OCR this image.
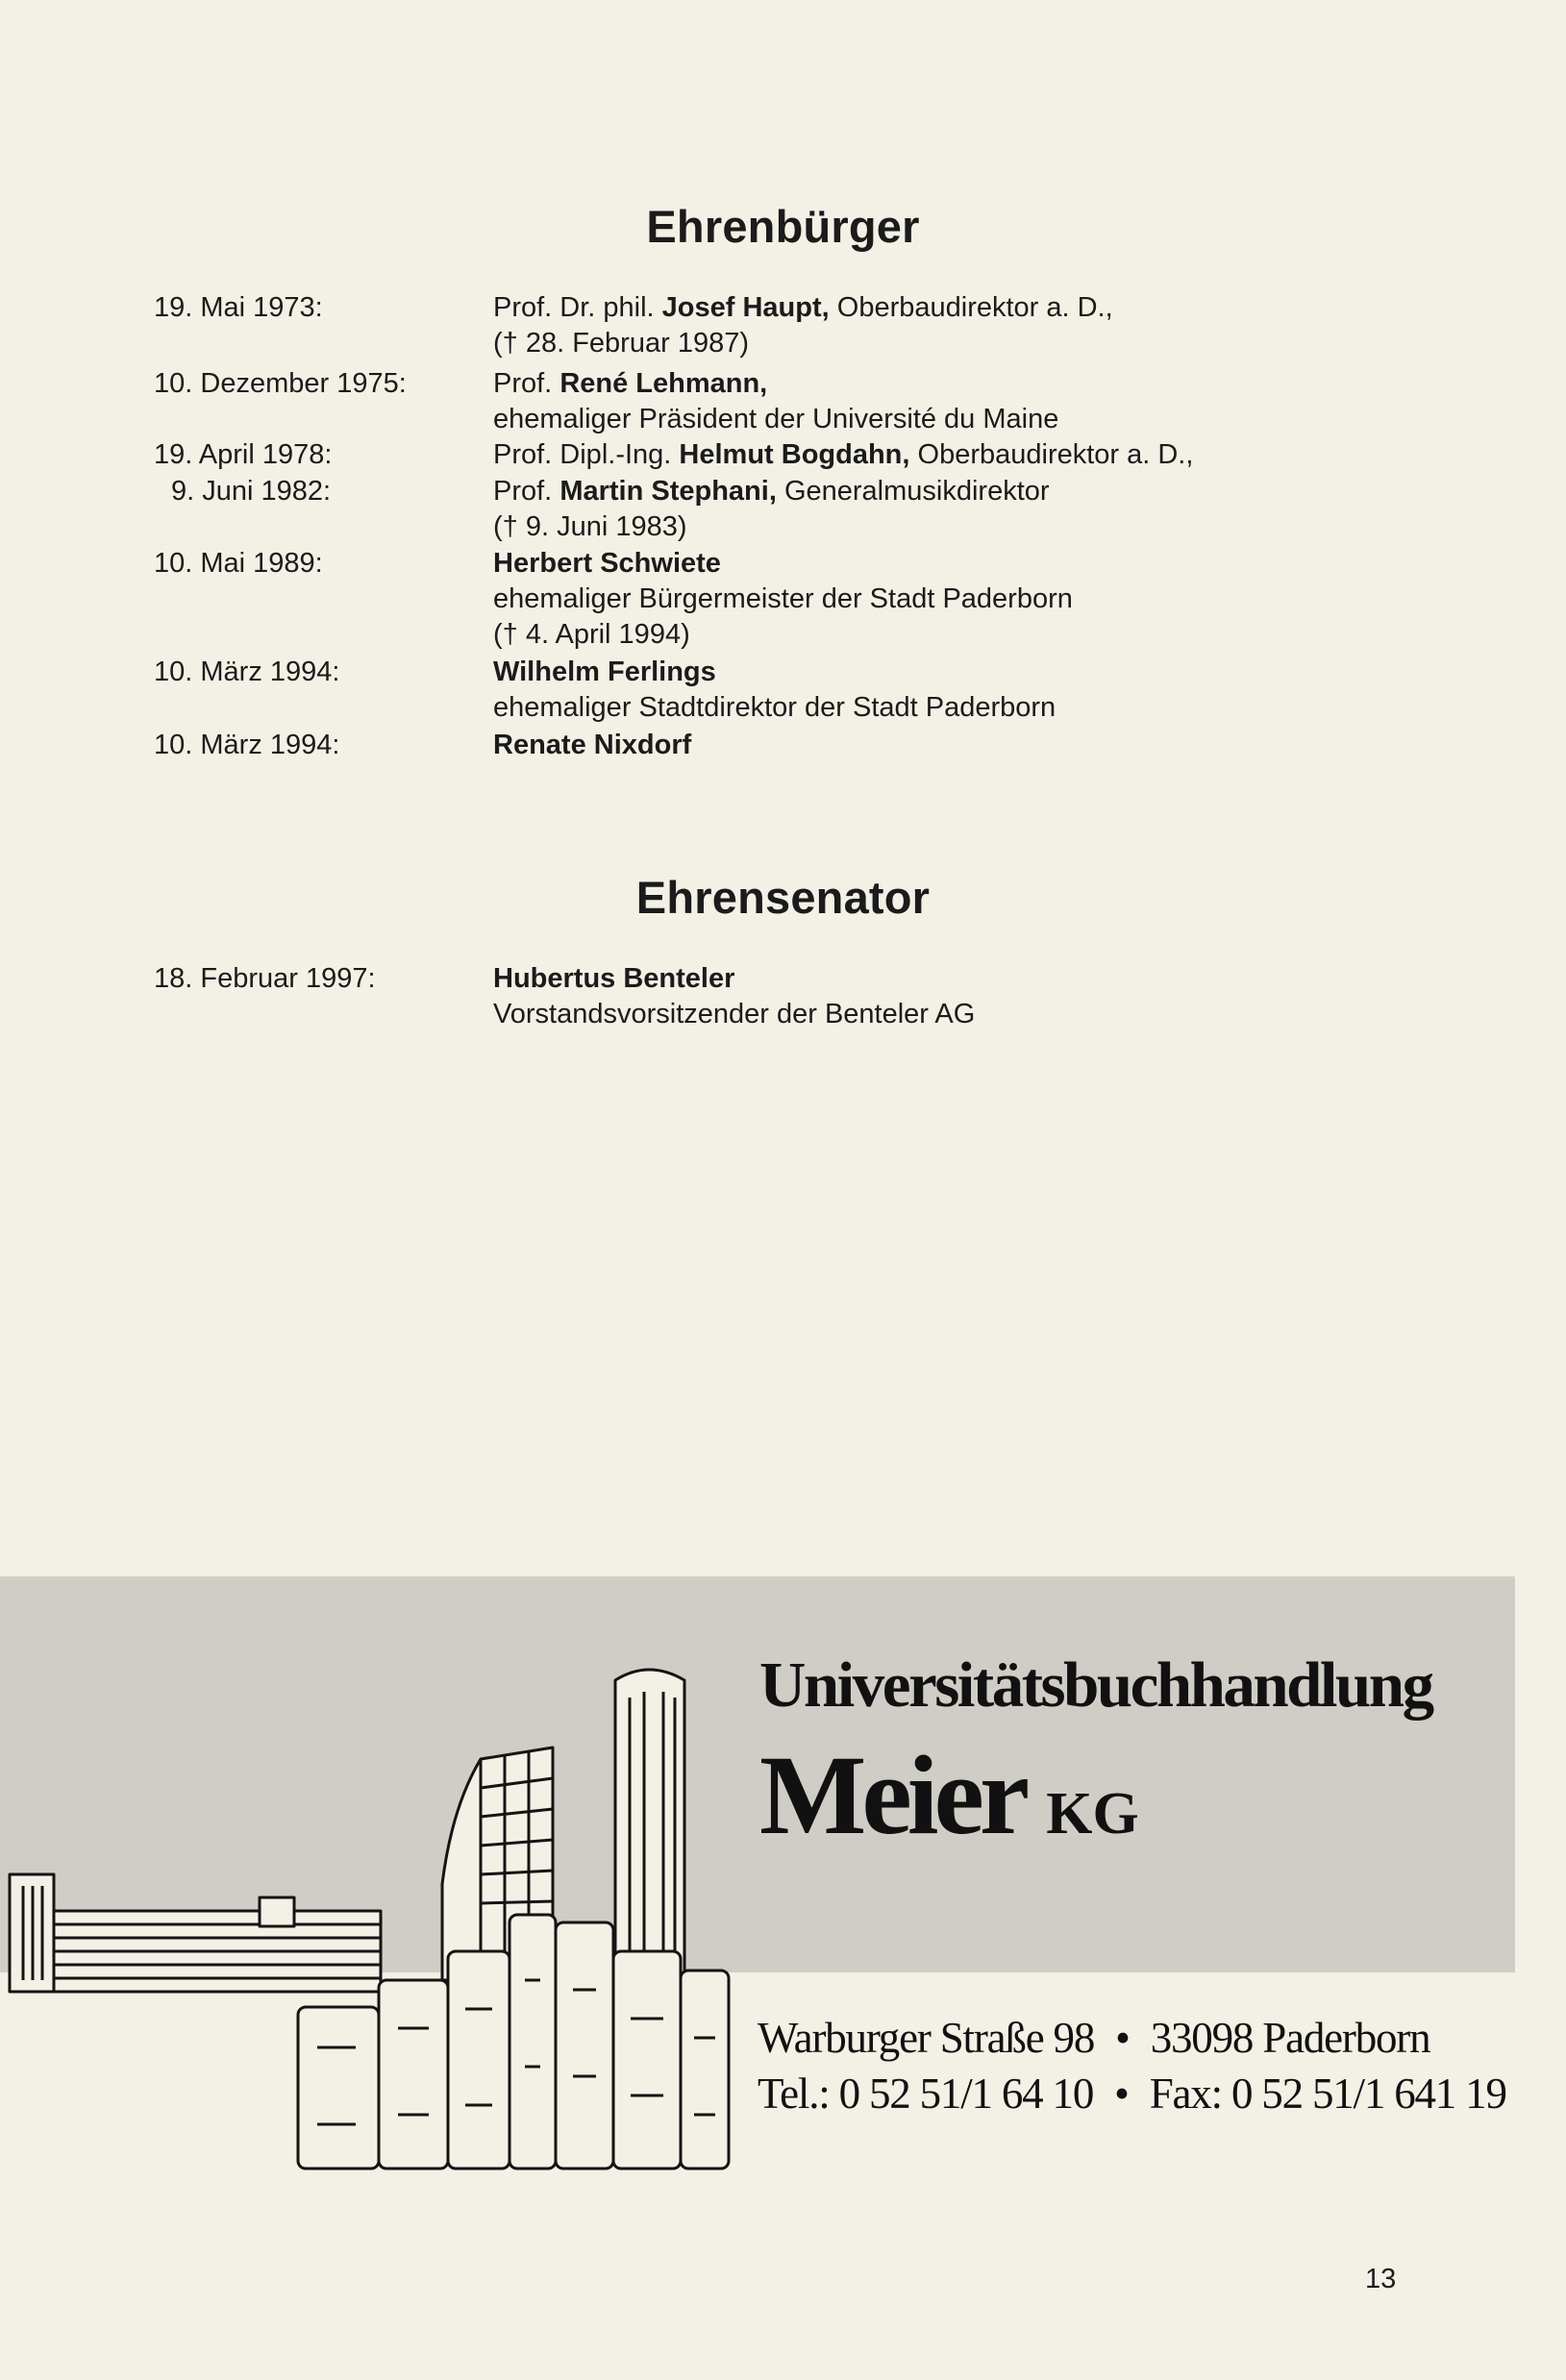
Ehrenbürger
19. Mai 1973:	Prof. Dr. phil. Josef Haupt, Oberbaudirektor a. D.,
(† 28. Februar 1987)
10. Dezember 1975:	Prof. René Lehmann,
ehemaliger Präsident der Université du Maine
19. April 1978:	Prof. Dipl.-Ing. Helmut Bogdahn, Oberbaudirektor a. D.,
9. Juni 1982:	Prof. Martin Stephani, Generalmusikdirektor
(† 9. Juni 1983)
10. Mai 1989:	Herbert Schwiete
ehemaliger Bürgermeister der Stadt Paderborn
(† 4. April 1994)
10. März 1994:	Wilhelm Ferlings
ehemaliger Stadtdirektor der Stadt Paderborn
10. März 1994:	Renate Nixdorf
Ehrensenator
18. Februar 1997:	Hubertus Benteler
Vorstandsvorsitzender der Benteler AG
Universitätsbuchhandlung
Meier KG
Warburger Straße 98 • 33098 Paderborn
Tel.: 0 52 51/1 64 10 • Fax: 0 52 51/1 641 19
13
